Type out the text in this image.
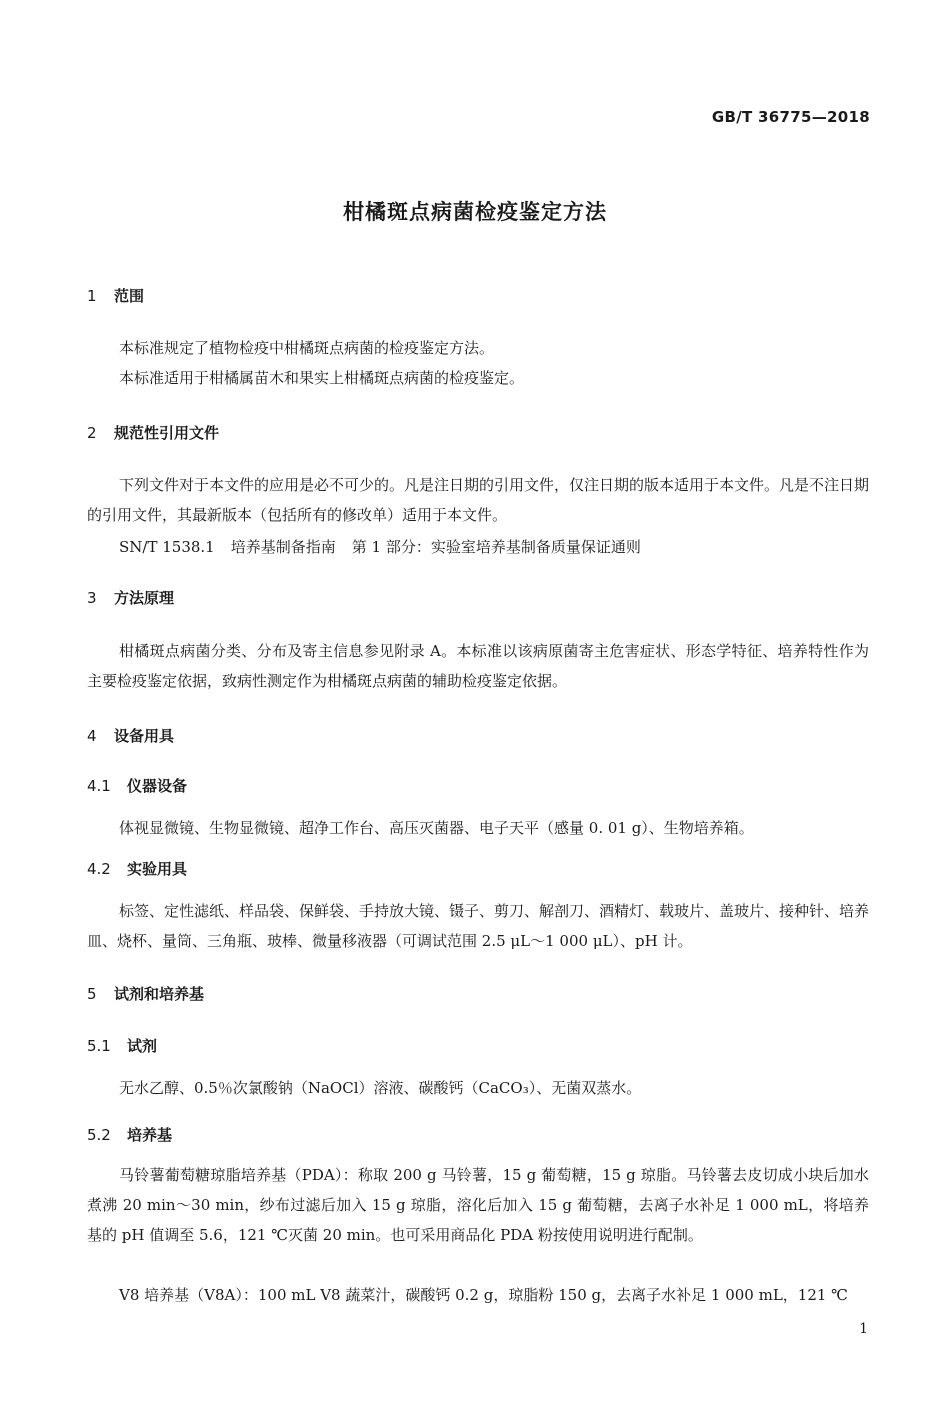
GB/T 36775—2018
柑橘斑点病菌检疫鉴定方法
1 范围
本标准规定了植物检疫中柑橘斑点病菌的检疫鉴定方法。
本标准适用于柑橘属苗木和果实上柑橘斑点病菌的检疫鉴定。
2 规范性引用文件
下列文件对于本文件的应用是必不可少的。凡是注日期的引用文件，仅注日期的版本适用于本文件。凡是不注日期的引用文件，其最新版本（包括所有的修改单）适用于本文件。
SN/T 1538.1 培养基制备指南 第 1 部分：实验室培养基制备质量保证通则
3 方法原理
柑橘斑点病菌分类、分布及寄主信息参见附录 A。本标准以该病原菌寄主危害症状、形态学特征、培养特性作为主要检疫鉴定依据，致病性测定作为柑橘斑点病菌的辅助检疫鉴定依据。
4 设备用具
4.1 仪器设备
体视显微镜、生物显微镜、超净工作台、高压灭菌器、电子天平（感量 0. 01 g）、生物培养箱。
4.2 实验用具
标签、定性滤纸、样品袋、保鲜袋、手持放大镜、镊子、剪刀、解剖刀、酒精灯、载玻片、盖玻片、接种针、培养皿、烧杯、量筒、三角瓶、玻棒、微量移液器（可调试范围 2.5 μL～1 000 μL）、pH 计。
5 试剂和培养基
5.1 试剂
无水乙醇、0.5％次氯酸钠（NaOCl）溶液、碳酸钙（CaCO₃）、无菌双蒸水。
5.2 培养基
马铃薯葡萄糖琼脂培养基（PDA）：称取 200 g 马铃薯，15 g 葡萄糖，15 g 琼脂。马铃薯去皮切成小块后加水煮沸 20 min～30 min，纱布过滤后加入 15 g 琼脂，溶化后加入 15 g 葡萄糖，去离子水补足 1 000 mL，将培养基的 pH 值调至 5.6，121 ℃灭菌 20 min。也可采用商品化 PDA 粉按使用说明进行配制。
V8 培养基（V8A）：100 mL V8 蔬菜汁，碳酸钙 0.2 g，琼脂粉 150 g，去离子水补足 1 000 mL，121 ℃
1
